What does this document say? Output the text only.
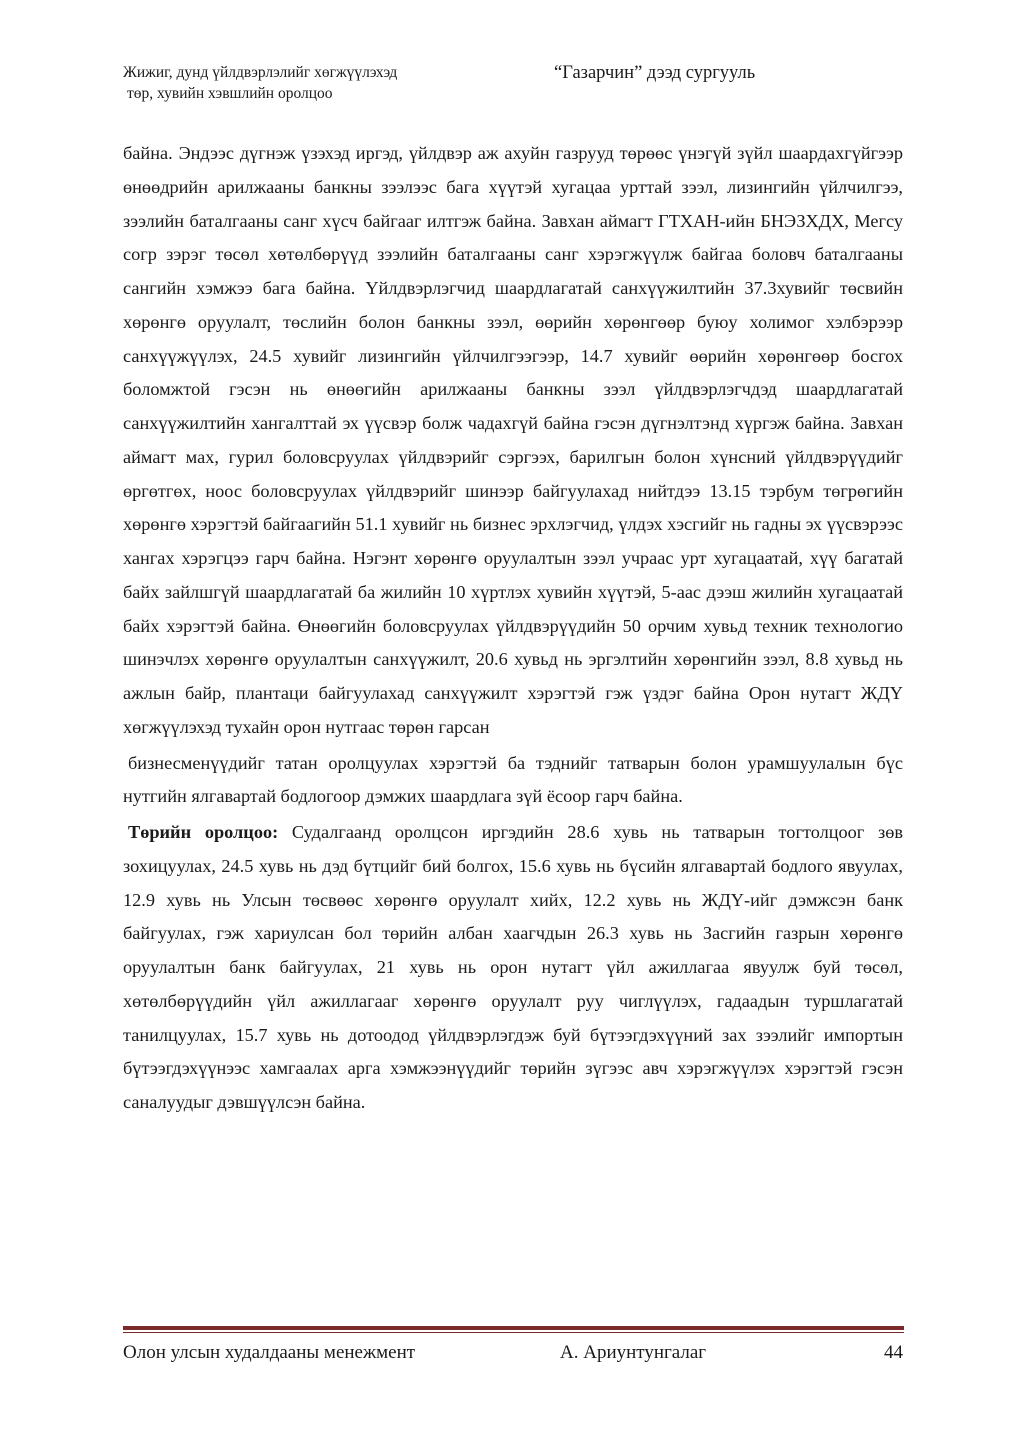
Жижиг, дунд үйлдвэрлэлийг хөгжүүлэхэд
төр, хувийн хэвшлийн оролцоо
“Газарчин” дээд сургууль

байна. Эндээс дүгнэж үзэхэд иргэд, үйлдвэр аж ахуйн газрууд төрөөс үнэгүй зүйл шаардахгүйгээр өнөөдрийн арилжааны банкны зээлээс бага хүүтэй хугацаа урттай зээл, лизингийн үйлчилгээ, зээлийн баталгааны санг хүсч байгааг илтгэж байна. Завхан аймагт ГТХАН-ийн БНЭЗХДХ, Мегсу согр зэрэг төсөл хөтөлбөрүүд зээлийн баталгааны санг хэрэгжүүлж байгаа боловч баталгааны сангийн хэмжээ бага байна. Үйлдвэрлэгчид шаардлагатай санхүүжилтийн 37.3хувийг төсвийн хөрөнгө оруулалт, төслийн болон банкны зээл, өөрийн хөрөнгөөр буюу холимог хэлбэрээр санхүүжүүлэх, 24.5 хувийг лизингийн үйлчилгээгээр, 14.7 хувийг өөрийн хөрөнгөөр босгох боломжтой гэсэн нь өнөөгийн арилжааны банкны зээл үйлдвэрлэгчдэд шаардлагатай санхүүжилтийн хангалттай эх үүсвэр болж чадахгүй байна гэсэн дүгнэлтэнд хүргэж байна. Завхан аймагт мах, гурил боловсруулах үйлдвэрийг сэргээх, барилгын болон хүнсний үйлдвэрүүдийг өргөтгөх, ноос боловсруулах үйлдвэрийг шинээр байгуулахад нийтдээ 13.15 тэрбум төгрөгийн хөрөнгө хэрэгтэй байгаагийн 51.1 хувийг нь бизнес эрхлэгчид, үлдэх хэсгийг нь гадны эх үүсвэрээс хангах хэрэгцээ гарч байна. Нэгэнт хөрөнгө оруулалтын зээл учраас урт хугацаатай, хүү багатай байх зайлшгүй шаардлагатай ба жилийн 10 хүртлэх хувийн хүүтэй, 5-аас дээш жилийн хугацаатай байх хэрэгтэй байна. Өнөөгийн боловсруулах үйлдвэрүүдийн 50 орчим хувьд техник технологио шинэчлэх хөрөнгө оруулалтын санхүүжилт, 20.6 хувьд нь эргэлтийн хөрөнгийн зээл, 8.8 хувьд нь ажлын байр, плантаци байгуулахад санхүүжилт хэрэгтэй гэж үздэг байна Орон нутагт ЖДҮ хөгжүүлэхэд тухайн орон нутгаас төрөн гарсан

бизнесменүүдийг татан оролцуулах хэрэгтэй ба тэднийг татварын болон урамшуулалын бүс нутгийн ялгавартай бодлогоор дэмжих шаардлага зүй ёсоор гарч байна.

Төрийн оролцоо: Судалгаанд оролцсон иргэдийн 28.6 хувь нь татварын тогтолцоог зөв зохицуулах, 24.5 хувь нь дэд бүтцийг бий болгох, 15.6 хувь нь бүсийн ялгавартай бодлого явуулах, 12.9 хувь нь Улсын төсвөөс хөрөнгө оруулалт хийх, 12.2 хувь нь ЖДҮ-ийг дэмжсэн банк байгуулах, гэж хариулсан бол төрийн албан хаагчдын 26.3 хувь нь Засгийн газрын хөрөнгө оруулалтын банк байгуулах, 21 хувь нь орон нутагт үйл ажиллагаа явуулж буй төсөл, хөтөлбөрүүдийн үйл ажиллагааг хөрөнгө оруулалт руу чиглүүлэх, гадаадын туршлагатай танилцуулах, 15.7 хувь нь дотоодод үйлдвэрлэгдэж буй бүтээгдэхүүний зах зээлийг импортын бүтээгдэхүүнээс хамгаалах арга хэмжээнүүдийг төрийн зүгээс авч хэрэгжүүлэх хэрэгтэй гэсэн саналуудыг дэвшүүлсэн байна.

Олон улсын худалдааны менежмент	А. Ариунтунгалаг	44
